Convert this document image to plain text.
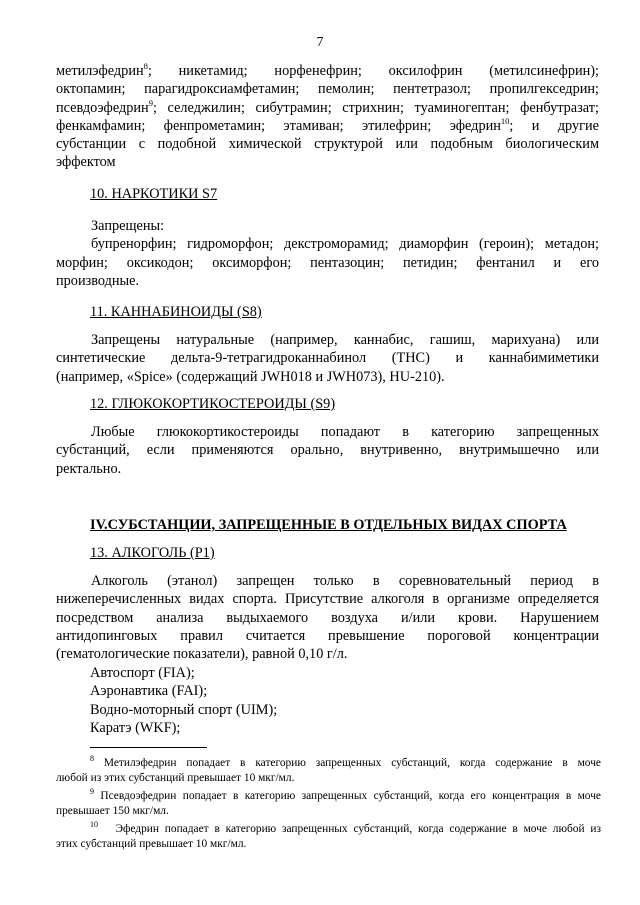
7
метилэфедрин$^8$; никетамид; норфенефрин; оксилофрин (метилсинефрин);
октопамин; парагидроксиамфетамин; пемолин; пентетразол; пропилгекседрин;
псевдоэфедрин$^9$; селеджилин; сибутрамин; стрихнин; туаминогептан; фенбутразат;
фенкамфамин; фенпрометамин; этамиван; этилефрин; эфедрин$^{10}$; и другие
субстанции с подобной химической структурой или подобным биологическим
эффектом
10. НАРКОТИКИ S7
Запрещены:
бупренорфин; гидроморфон; декстроморамид; диаморфин (героин); метадон;
морфин; оксикодон; оксиморфон; пентазоцин; петидин; фентанил и его
производные.
11. КАННАБИНОИДЫ (S8)
Запрещены натуральные (например, каннабис, гашиш, марихуана) или
синтетические дельта-9-тетрагидроканнабинол (ТНС) и каннабимиметики
(например, «Spice» (содержащий JWH018 и JWH073), HU-210).
12. ГЛЮКОКОРТИКОСТЕРОИДЫ (S9)
Любые глюкокортикостероиды попадают в категорию запрещенных
субстанций, если применяются орально, внутривенно, внутримышечно или
ректально.
IV.СУБСТАНЦИИ, ЗАПРЕЩЕННЫЕ В ОТДЕЛЬНЫХ ВИДАХ СПОРТА
13. АЛКОГОЛЬ (P1)
Алкоголь (этанол) запрещен только в соревновательный период в
нижеперечисленных видах спорта. Присутствие алкоголя в организме определяется
посредством анализа выдыхаемого воздуха и/или крови. Нарушением
антидопинговых правил считается превышение пороговой концентрации
(гематологические показатели), равной 0,10 г/л.
Автоспорт (FIA);
Аэронавтика (FAI);
Водно-моторный спорт (UIM);
Каратэ (WKF);
$^8$ Метилэфедрин попадает в категорию запрещенных субстанций, когда содержание в моче
любой из этих субстанций превышает 10 мкг/мл.
$^9$ Псевдоэфедрин попадает в категорию запрещенных субстанций, когда его концентрация в моче
превышает 150 мкг/мл.
$^{10}$ Эфедрин попадает в категорию запрещенных субстанций, когда содержание в моче любой из
этих субстанций превышает 10 мкг/мл.
